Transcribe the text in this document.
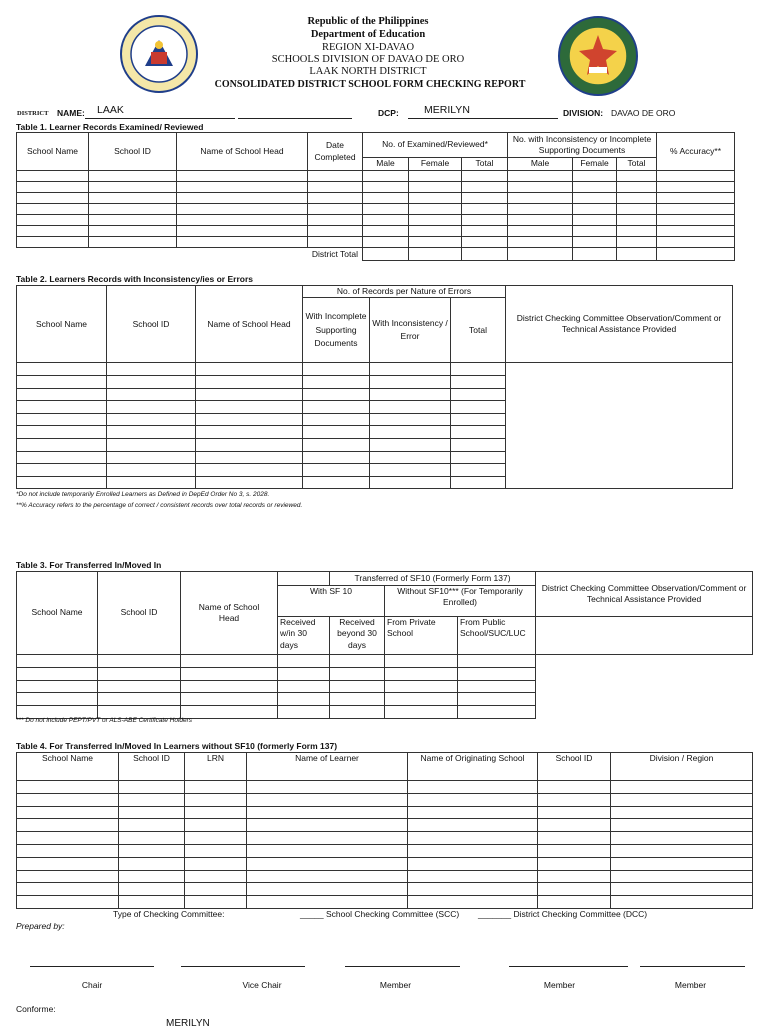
Republic of the Philippines
Department of Education
REGION XI-DAVAO
SCHOOLS DIVISION OF DAVAO DE ORO
LAAK NORTH DISTRICT
CONSOLIDATED DISTRICT SCHOOL FORM CHECKING REPORT
DISTRICT NAME: LAAK	DCP: MERILYN	DIVISION: DAVAO DE ORO
Table 1. Learner Records Examined/ Reviewed
School Name	School ID	Name of School Head	Date Completed	No. of Examined/Reviewed*			No. with Inconsistency or Incomplete Supporting Documents			% Accuracy**
				Male	Female	Total	Male	Female	Total	

District Total										
Table 2. Learners Records with Inconsistency/ies or Errors
School Name	School ID	Name of School Head	No. of Records per Nature of Errors			District Checking Committee Observation/Comment or Technical Assistance Provided
			With Incomplete Supporting Documents	With Inconsistency / Error	Total	

*Do not include temporarily Enrolled Learners as Defined in DepEd Order No 3, s. 2028.
**% Accuracy refers to the percentage of correct / consistent records over total records or reviewed.
Table 3. For Transferred In/Moved In
School Name	School ID	Name of School Head		Transferred of SF10 (Formerly Form 137)			District Checking Committee Observation/Comment or Technical Assistance Provided
			With SF 10		Without SF10*** (For Temporarily Enrolled)		
			Received w/in 30 days	Received beyond 30 days	From Private School	From Public School/SUC/LUC	

*** Do not include PEPT/PVT or ALS-ABE Certificate Holders
Table 4. For Transferred In/Moved In Learners without SF10 (formerly Form 137)
School Name	School ID	LRN	Name of Learner	Name of Originating School	School ID	Division / Region

Type of Checking Committee:	_____ School Checking Committee (SCC) _______ District Checking Committee (DCC)
Prepared by:
Chair	Vice Chair	Member	Member	Member
Conforme:
MERILYN
